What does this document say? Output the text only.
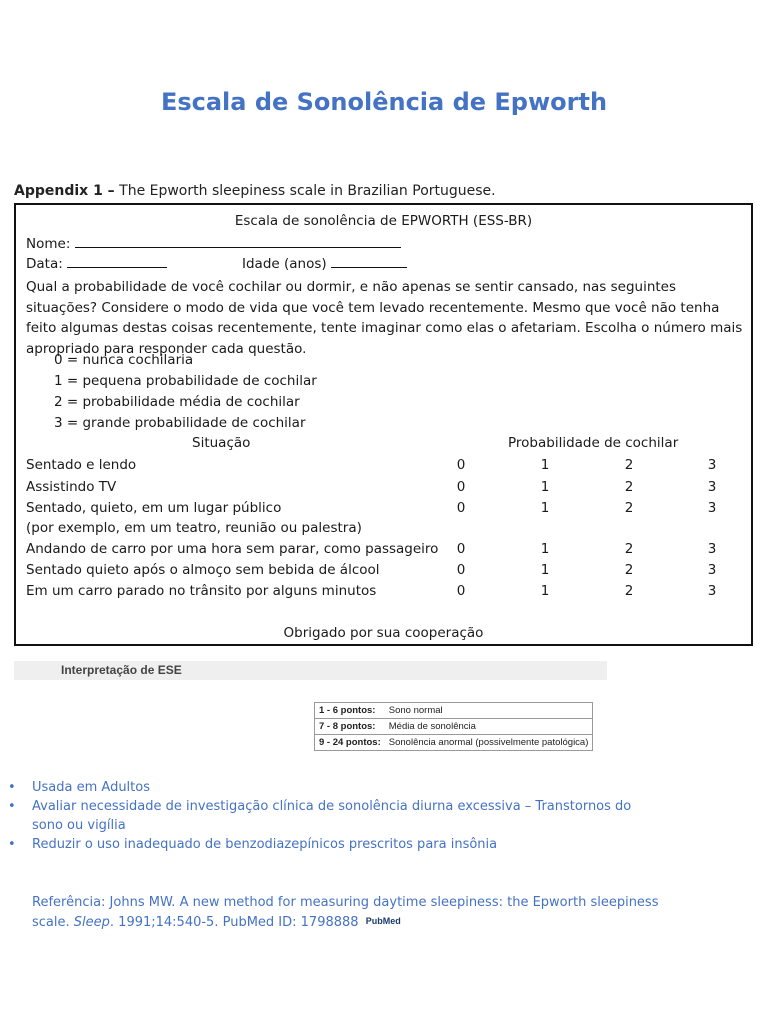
Escala de Sonolência de Epworth
Appendix 1 – The Epworth sleepiness scale in Brazilian Portuguese.
Escala de sonolência de EPWORTH (ESS-BR)
Nome:
Data:	Idade (anos)
Qual a probabilidade de você cochilar ou dormir, e não apenas se sentir cansado, nas seguintes situações? Considere o modo de vida que você tem levado recentemente. Mesmo que você não tenha feito algumas destas coisas recentemente, tente imaginar como elas o afetariam. Escolha o número mais apropriado para responder cada questão.
0 = nunca cochilaria
1 = pequena probabilidade de cochilar
2 = probabilidade média de cochilar
3 = grande probabilidade de cochilar
Situação	Probabilidade de cochilar
Sentado e lendo	0	1	2	3
Assistindo TV	0	1	2	3
Sentado, quieto, em um lugar público
(por exemplo, em um teatro, reunião ou palestra)
0	1	2	3
Andando de carro por uma hora sem parar, como passageiro	0	1	2	3
Sentado quieto após o almoço sem bebida de álcool	0	1	2	3
Em um carro parado no trânsito por alguns minutos	0	1	2	3
Obrigado por sua cooperação
Interpretação de ESE
1 - 6 pontos:	Sono normal
7 - 8 pontos:	Média de sonolência
9 - 24 pontos:	Sonolência anormal (possivelmente patológica)
• Usada em Adultos
• Avaliar necessidade de investigação clínica de sonolência diurna excessiva – Transtornos do sono ou vigília
• Reduzir o uso inadequado de benzodiazepínicos prescritos para insônia
Referência: Johns MW. A new method for measuring daytime sleepiness: the Epworth sleepiness scale. Sleep. 1991;14:540-5. PubMed ID: 1798888 PubMed
